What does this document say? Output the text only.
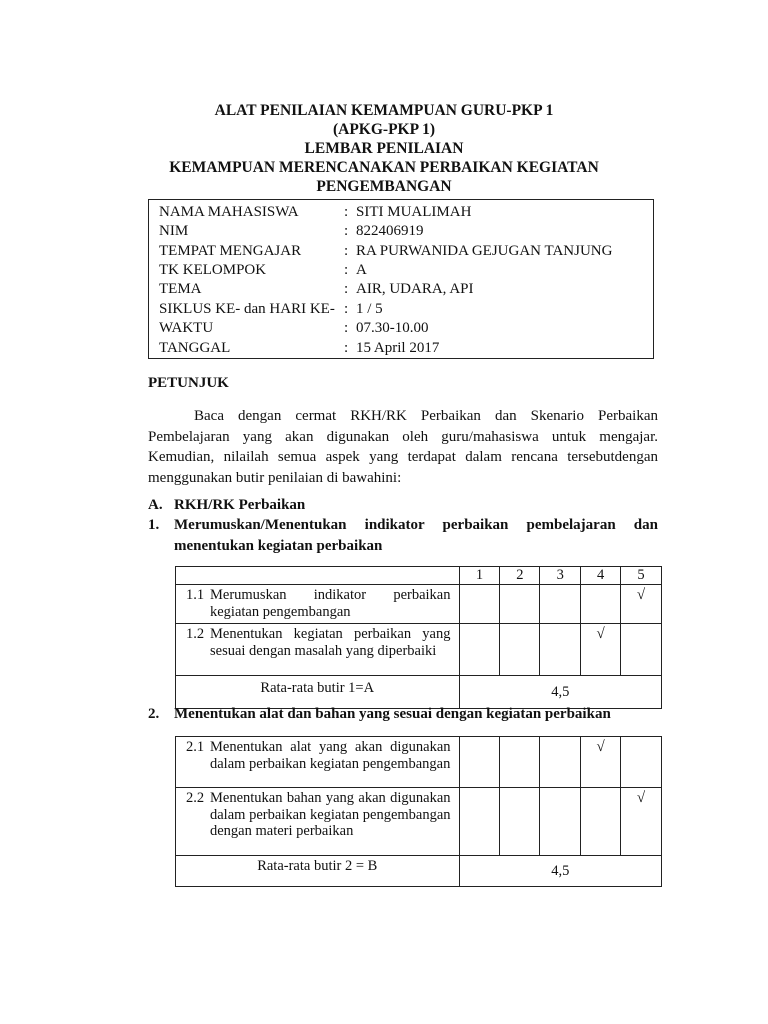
ALAT PENILAIAN KEMAMPUAN GURU-PKP 1
(APKG-PKP 1)
LEMBAR PENILAIAN
KEMAMPUAN MERENCANAKAN PERBAIKAN KEGIATAN
PENGEMBANGAN
NAMA MAHASISWA	: SITI MUALIMAH
NIM	: 822406919
TEMPAT MENGAJAR	: RA PURWANIDA GEJUGAN TANJUNG
TK KELOMPOK	: A
TEMA	: AIR, UDARA, API
SIKLUS KE- dan HARI KE- : 1 / 5
WAKTU	: 07.30-10.00
TANGGAL	: 15 April 2017
PETUNJUK
Baca dengan cermat RKH/RK Perbaikan dan Skenario Perbaikan Pembelajaran yang akan digunakan oleh guru/mahasiswa untuk mengajar. Kemudian, nilailah semua aspek yang terdapat dalam rencana tersebutdengan menggunakan butir penilaian di bawahini:
A. RKH/RK Perbaikan
1. Merumuskan/Menentukan indikator perbaikan pembelajaran dan menentukan kegiatan perbaikan
	1	2	3	4	5

1.1 Merumuskan indikator perbaikan kegiatan pengembangan					√

1.2 Menentukan kegiatan perbaikan yang sesuai dengan masalah yang diperbaiki				√	
Rata-rata butir 1=A	4,5				
2. Menentukan alat dan bahan yang sesuai dengan kegiatan perbaikan
2.1 Menentukan alat yang akan digunakan dalam perbaikan kegiatan pengembangan				√	

2.2 Menentukan bahan yang akan digunakan dalam perbaikan kegiatan pengembangan dengan materi perbaikan					√
Rata-rata butir 2 = B	4,5				
